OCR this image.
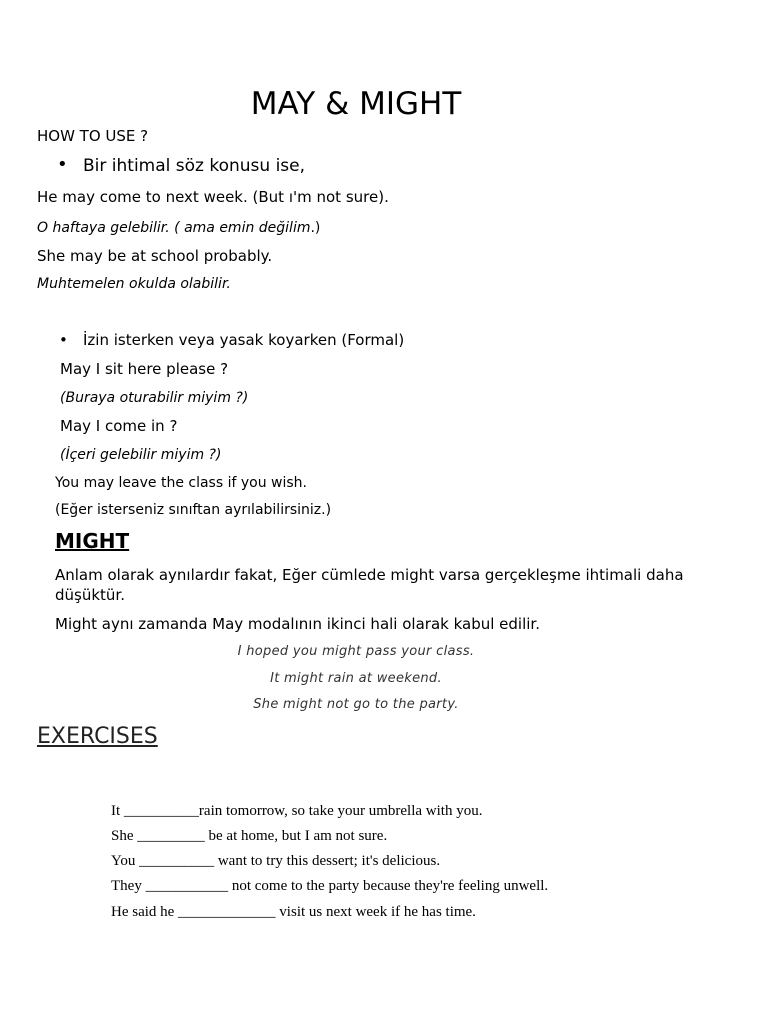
MAY & MIGHT
HOW TO USE ?
• Bir ihtimal söz konusu ise,
He may come to next week. (But ı'm not sure).
O haftaya gelebilir. ( ama emin değilim.)
She may be at school probably.
Muhtemelen okulda olabilir.
• İzin isterken veya yasak koyarken (Formal)
May I sit here please ?
(Buraya oturabilir miyim ?)
May I come in ?
(İçeri gelebilir miyim ?)
You may leave the class if you wish.
(Eğer isterseniz sınıftan ayrılabilirsiniz.)
MIGHT
Anlam olarak aynılardır fakat, Eğer cümlede might varsa gerçekleşme ihtimali daha düşüktür.
Might aynı zamanda May modalının ikinci hali olarak kabul edilir.
I hoped you might pass your class.
It might rain at weekend.
She might not go to the party.
EXERCISES
It __________rain tomorrow, so take your umbrella with you.
She _________ be at home, but I am not sure.
You __________ want to try this dessert; it's delicious.
They ___________ not come to the party because they're feeling unwell.
He said he _____________ visit us next week if he has time.
